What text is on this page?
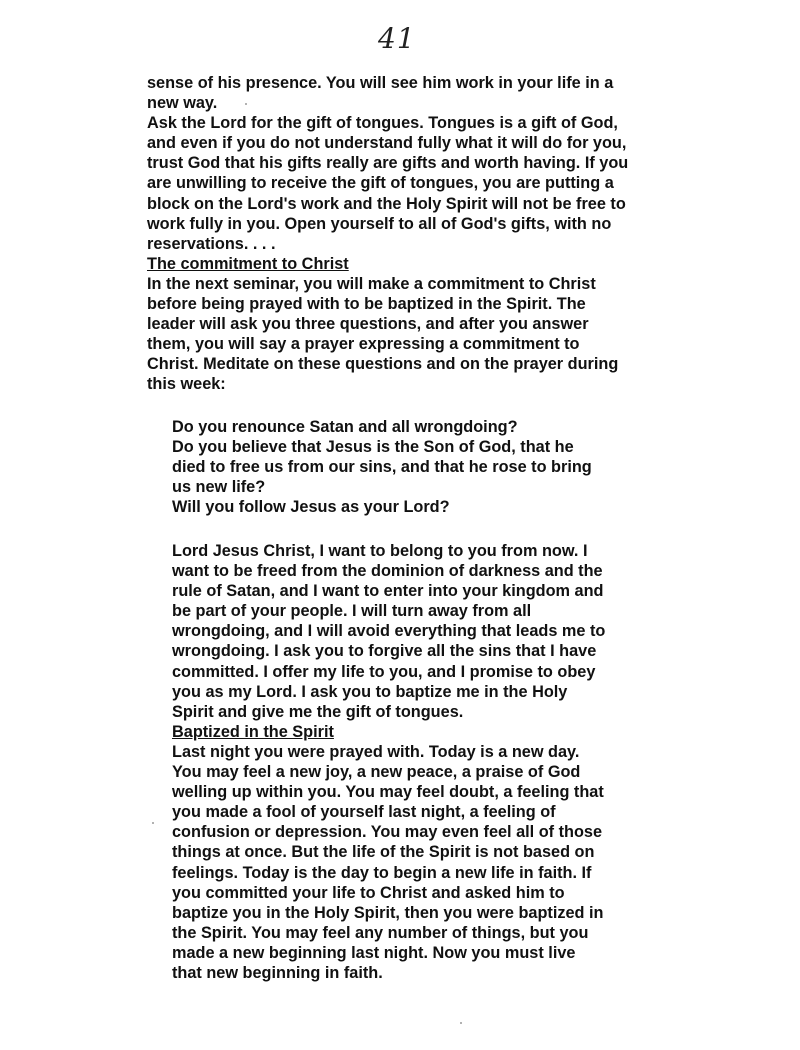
41
sense of his presence. You will see him work in your life in a
new way.
Ask the Lord for the gift of tongues. Tongues is a gift of God,
and even if you do not understand fully what it will do for you,
trust God that his gifts really are gifts and worth having. If you
are unwilling to receive the gift of tongues, you are putting a
block on the Lord's work and the Holy Spirit will not be free to
work fully in you. Open yourself to all of God's gifts, with no
reservations. . . .
The commitment to Christ
In the next seminar, you will make a commitment to Christ
before being prayed with to be baptized in the Spirit. The
leader will ask you three questions, and after you answer
them, you will say a prayer expressing a commitment to
Christ. Meditate on these questions and on the prayer during
this week:
Do you renounce Satan and all wrongdoing?
Do you believe that Jesus is the Son of God, that he
died to free us from our sins, and that he rose to bring
us new life?
Will you follow Jesus as your Lord?
Lord Jesus Christ, I want to belong to you from now. I
want to be freed from the dominion of darkness and the
rule of Satan, and I want to enter into your kingdom and
be part of your people. I will turn away from all
wrongdoing, and I will avoid everything that leads me to
wrongdoing. I ask you to forgive all the sins that I have
committed. I offer my life to you, and I promise to obey
you as my Lord. I ask you to baptize me in the Holy
Spirit and give me the gift of tongues.
Baptized in the Spirit
Last night you were prayed with. Today is a new day.
You may feel a new joy, a new peace, a praise of God
welling up within you. You may feel doubt, a feeling that
you made a fool of yourself last night, a feeling of
confusion or depression. You may even feel all of those
things at once. But the life of the Spirit is not based on
feelings. Today is the day to begin a new life in faith. If
you committed your life to Christ and asked him to
baptize you in the Holy Spirit, then you were baptized in
the Spirit. You may feel any number of things, but you
made a new beginning last night. Now you must live
that new beginning in faith.
